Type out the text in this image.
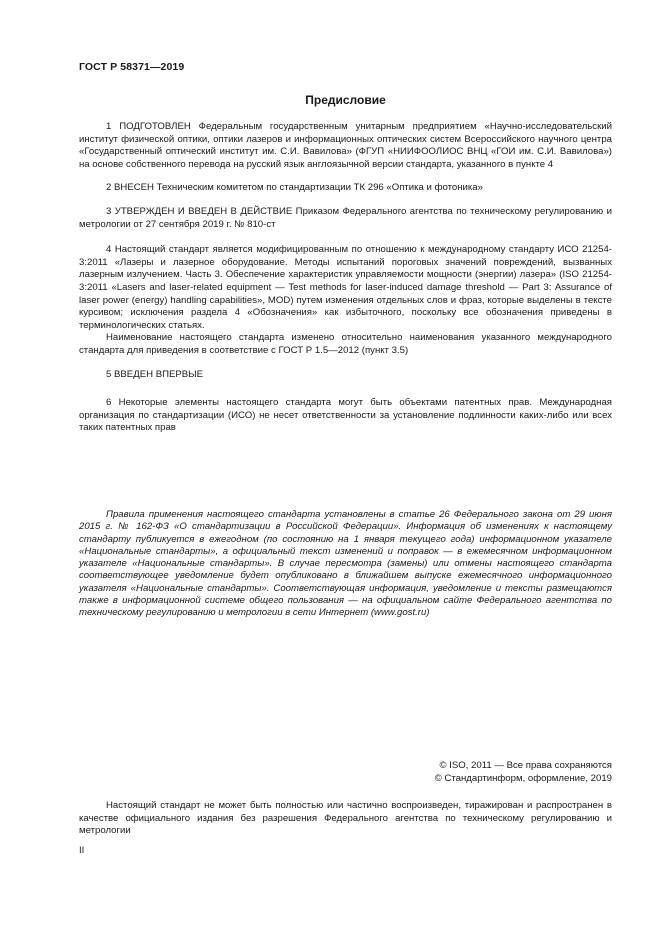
ГОСТ Р 58371—2019
Предисловие

1 ПОДГОТОВЛЕН Федеральным государственным унитарным предприятием «Научно-исследовательский институт физической оптики, оптики лазеров и информационных оптических систем Всероссийского научного центра «Государственный оптический институт им. С.И. Вавилова» (ФГУП «НИИФООЛИОС ВНЦ «ГОИ им. С.И. Вавилова») на основе собственного перевода на русский язык англоязычной версии стандарта, указанного в пункте 4

2 ВНЕСЕН Техническим комитетом по стандартизации ТК 296 «Оптика и фотоника»

3 УТВЕРЖДЕН И ВВЕДЕН В ДЕЙСТВИЕ Приказом Федерального агентства по техническому регулированию и метрологии от 27 сентября 2019 г. № 810-ст

4 Настоящий стандарт является модифицированным по отношению к международному стандарту ИСО 21254-3:2011 «Лазеры и лазерное оборудование. Методы испытаний пороговых значений повреждений, вызванных лазерным излучением. Часть 3. Обеспечение характеристик управляемости мощности (энергии) лазера» (ISO 21254-3:2011 «Lasers and laser-related equipment — Test methods for laser-induced damage threshold — Part 3: Assurance of laser power (energy) handling capabilities», MOD) путем изменения отдельных слов и фраз, которые выделены в тексте курсивом; исключения раздела 4 «Обозначения» как избыточного, поскольку все обозначения приведены в терминологических статьях.

Наименование настоящего стандарта изменено относительно наименования указанного международного стандарта для приведения в соответствие с ГОСТ Р 1.5—2012 (пункт 3.5)

5 ВВЕДЕН ВПЕРВЫЕ

6 Некоторые элементы настоящего стандарта могут быть объектами патентных прав. Международная организация по стандартизации (ИСО) не несет ответственности за установление подлинности каких-либо или всех таких патентных прав

Правила применения настоящего стандарта установлены в статье 26 Федерального закона от 29 июня 2015 г. № 162-ФЗ «О стандартизации в Российской Федерации». Информация об изменениях к настоящему стандарту публикуется в ежегодном (по состоянию на 1 января текущего года) информационном указателе «Национальные стандарты», а официальный текст изменений и поправок — в ежемесячном информационном указателе «Национальные стандарты». В случае пересмотра (замены) или отмены настоящего стандарта соответствующее уведомление будет опубликовано в ближайшем выпуске ежемесячного информационного указателя «Национальные стандарты». Соответствующая информация, уведомление и тексты размещаются также в информационной системе общего пользования — на официальном сайте Федерального агентства по техническому регулированию и метрологии в сети Интернет (www.gost.ru)

© ISO, 2011 — Все права сохраняются
© Стандартинформ, оформление, 2019

Настоящий стандарт не может быть полностью или частично воспроизведен, тиражирован и распространен в качестве официального издания без разрешения Федерального агентства по техническому регулированию и метрологии

II
